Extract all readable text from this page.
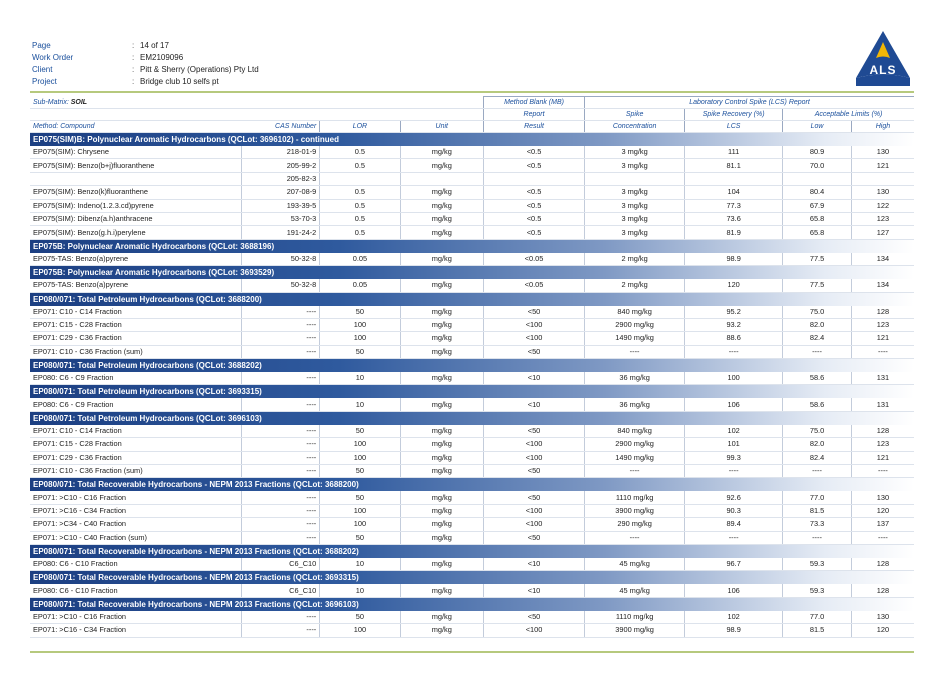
Page	: 14 of 17
Work Order	: EM2109096
Client	: Pitt & Sherry (Operations) Pty Ltd
Project	: Bridge club 10 selfs pt
ALS
Sub-Matrix: SOIL				Method Blank (MB)	Laboratory Control Spike (LCS) Report			
				Report	Spike	Spike Recovery (%)	Acceptable Limits (%)	
Method: Compound	CAS Number	LOR	Unit	Result	Concentration	LCS	Low	High
EP075(SIM)B: Polynuclear Aromatic Hydrocarbons (QCLot: 3696102) - continued								
EP075(SIM): Chrysene	218-01-9	0.5	mg/kg	<0.5	3 mg/kg	111	80.9	130
EP075(SIM): Benzo(b+j)fluoranthene	205-99-2	0.5	mg/kg	<0.5	3 mg/kg	81.1	70.0	121
	205-82-3							
EP075(SIM): Benzo(k)fluoranthene	207-08-9	0.5	mg/kg	<0.5	3 mg/kg	104	80.4	130
EP075(SIM): Indeno(1.2.3.cd)pyrene	193-39-5	0.5	mg/kg	<0.5	3 mg/kg	77.3	67.9	122
EP075(SIM): Dibenz(a.h)anthracene	53-70-3	0.5	mg/kg	<0.5	3 mg/kg	73.6	65.8	123
EP075(SIM): Benzo(g.h.i)perylene	191-24-2	0.5	mg/kg	<0.5	3 mg/kg	81.9	65.8	127
EP075B: Polynuclear Aromatic Hydrocarbons (QCLot: 3688196)								
EP075-TAS: Benzo(a)pyrene	50-32-8	0.05	mg/kg	<0.05	2 mg/kg	98.9	77.5	134
EP075B: Polynuclear Aromatic Hydrocarbons (QCLot: 3693529)								
EP075-TAS: Benzo(a)pyrene	50-32-8	0.05	mg/kg	<0.05	2 mg/kg	120	77.5	134
EP080/071: Total Petroleum Hydrocarbons (QCLot: 3688200)								
EP071: C10 - C14 Fraction	----	50	mg/kg	<50	840 mg/kg	95.2	75.0	128
EP071: C15 - C28 Fraction	----	100	mg/kg	<100	2900 mg/kg	93.2	82.0	123
EP071: C29 - C36 Fraction	----	100	mg/kg	<100	1490 mg/kg	88.6	82.4	121
EP071: C10 - C36 Fraction (sum)	----	50	mg/kg	<50	----	----	----	----
EP080/071: Total Petroleum Hydrocarbons (QCLot: 3688202)								
EP080: C6 - C9 Fraction	----	10	mg/kg	<10	36 mg/kg	100	58.6	131
EP080/071: Total Petroleum Hydrocarbons (QCLot: 3693315)								
EP080: C6 - C9 Fraction	----	10	mg/kg	<10	36 mg/kg	106	58.6	131
EP080/071: Total Petroleum Hydrocarbons (QCLot: 3696103)								
EP071: C10 - C14 Fraction	----	50	mg/kg	<50	840 mg/kg	102	75.0	128
EP071: C15 - C28 Fraction	----	100	mg/kg	<100	2900 mg/kg	101	82.0	123
EP071: C29 - C36 Fraction	----	100	mg/kg	<100	1490 mg/kg	99.3	82.4	121
EP071: C10 - C36 Fraction (sum)	----	50	mg/kg	<50	----	----	----	----
EP080/071: Total Recoverable Hydrocarbons - NEPM 2013 Fractions (QCLot: 3688200)								
EP071: >C10 - C16 Fraction	----	50	mg/kg	<50	1110 mg/kg	92.6	77.0	130
EP071: >C16 - C34 Fraction	----	100	mg/kg	<100	3900 mg/kg	90.3	81.5	120
EP071: >C34 - C40 Fraction	----	100	mg/kg	<100	290 mg/kg	89.4	73.3	137
EP071: >C10 - C40 Fraction (sum)	----	50	mg/kg	<50	----	----	----	----
EP080/071: Total Recoverable Hydrocarbons - NEPM 2013 Fractions (QCLot: 3688202)								
EP080: C6 - C10 Fraction	C6_C10	10	mg/kg	<10	45 mg/kg	96.7	59.3	128
EP080/071: Total Recoverable Hydrocarbons - NEPM 2013 Fractions (QCLot: 3693315)								
EP080: C6 - C10 Fraction	C6_C10	10	mg/kg	<10	45 mg/kg	106	59.3	128
EP080/071: Total Recoverable Hydrocarbons - NEPM 2013 Fractions (QCLot: 3696103)								
EP071: >C10 - C16 Fraction	----	50	mg/kg	<50	1110 mg/kg	102	77.0	130
EP071: >C16 - C34 Fraction	----	100	mg/kg	<100	3900 mg/kg	98.9	81.5	120
